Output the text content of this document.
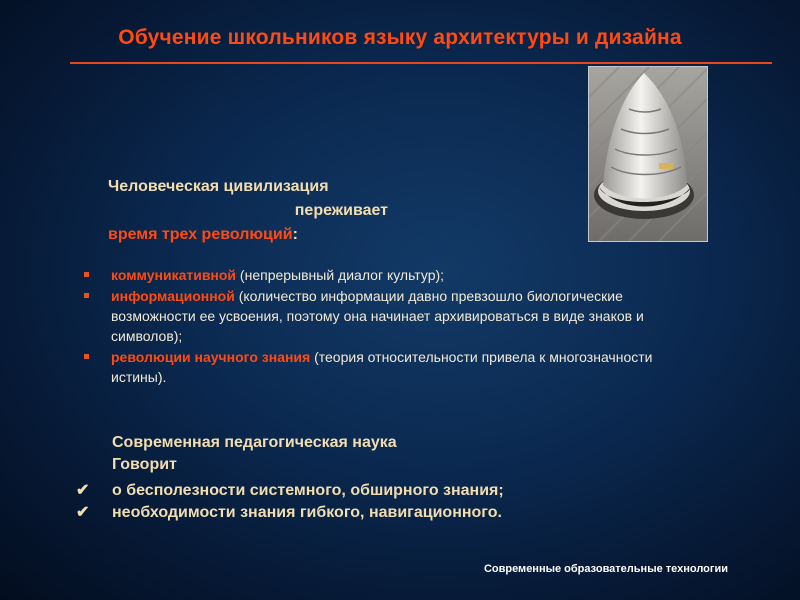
Обучение школьников языку архитектуры и дизайна
Человеческая цивилизация
переживает
время трех революций:
коммуникативной (непрерывный диалог культур);
информационной (количество информации давно превзошло биологические возможности ее усвоения, поэтому она начинает архивироваться в виде знаков и символов);
революции научного знания (теория относительности привела к многозначности истины).
Современная педагогическая наука
Говорит
✔	о бесполезности системного, обширного знания;
✔	необходимости знания гибкого, навигационного.
Современные образовательные технологии
